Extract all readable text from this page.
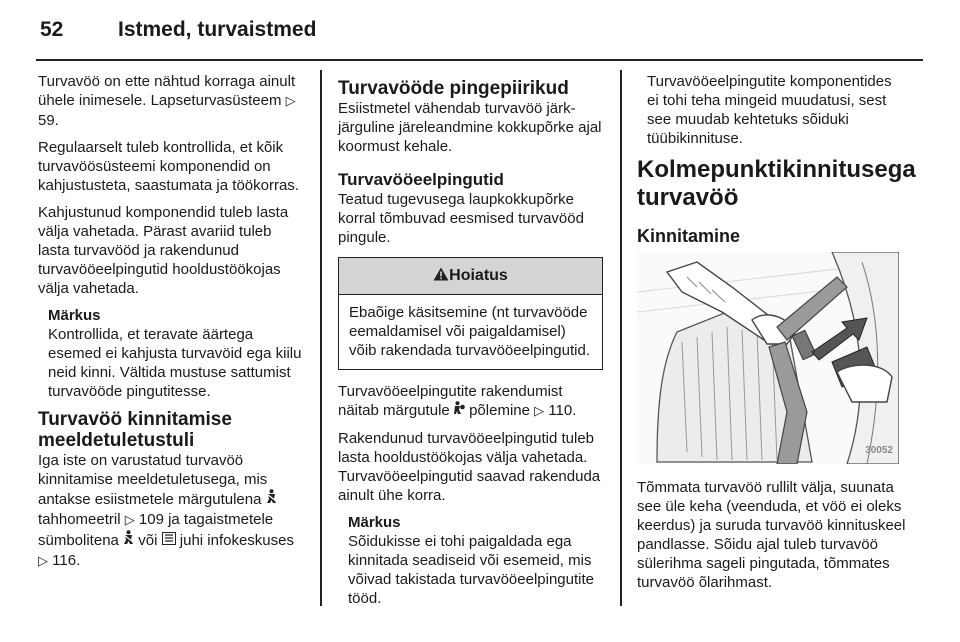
52	Istmed, turvaistmed

Turvavöö on ette nähtud korraga ainult ühele inimesele. Lapseturvasüsteem ▷ 59.

Regulaarselt tuleb kontrollida, et kõik turvavöösüsteemi komponendid on kahjustusteta, saastumata ja töökorras.

Kahjustunud komponendid tuleb lasta välja vahetada. Pärast avariid tuleb lasta turvavööd ja rakendunud turvavööeelpingutid hooldustöökojas välja vahetada.

Märkus
Kontrollida, et teravate äärtega esemed ei kahjusta turvavöid ega kiilu neid kinni. Vältida mustuse sattumist turvavööde pingutitesse.
Turvavöö kinnitamise meeldetuletustuli

Iga iste on varustatud turvavöö kinnitamise meeldetuletusega, mis antakse esiistmetele märgutulena  tahhomeetril ▷ 109 ja tagaistmetele sümbolitena või juhi infokeskuses ▷ 116.

Turvavööde pingepiirikud

Esiistmetel vähendab turvavöö järk-järguline järeleandmine kokkupõrke ajal koormust kehale.

Turvavööeelpingutid

Teatud tugevusega laupkokkupõrke korral tõmbuvad eesmised turvavööd pingule.

Hoiatus
Ebaõige käsitsemine (nt turvavööde eemaldamisel või paigaldamisel) võib rakendada turvavööeelpingutid.

Turvavööeelpingutite rakendumist näitab märgutule põlemine ▷ 110.

Rakendunud turvavööeelpingutid tuleb lasta hooldustöökojas välja vahetada. Turvavööeelpingutid saavad rakenduda ainult ühe korra.

Märkus
Sõidukisse ei tohi paigaldada ega kinnitada seadiseid või esemeid, mis võivad takistada turvavööeelpingutite tööd.
Turvavööeelpingutite komponentides ei tohi teha mingeid muudatusi, sest see muudab kehtetuks sõiduki tüübikinnituse.
Kolmepunktikinnitusega turvavöö
Kinnitamine
30052

Tõmmata turvavöö rullilt välja, suunata see üle keha (veenduda, et vöö ei oleks keerdus) ja suruda turvavöö kinnituskeel pandlasse. Sõidu ajal tuleb turvavöö sülerihma sageli pingutada, tõmmates turvavöö õlarihmast.
